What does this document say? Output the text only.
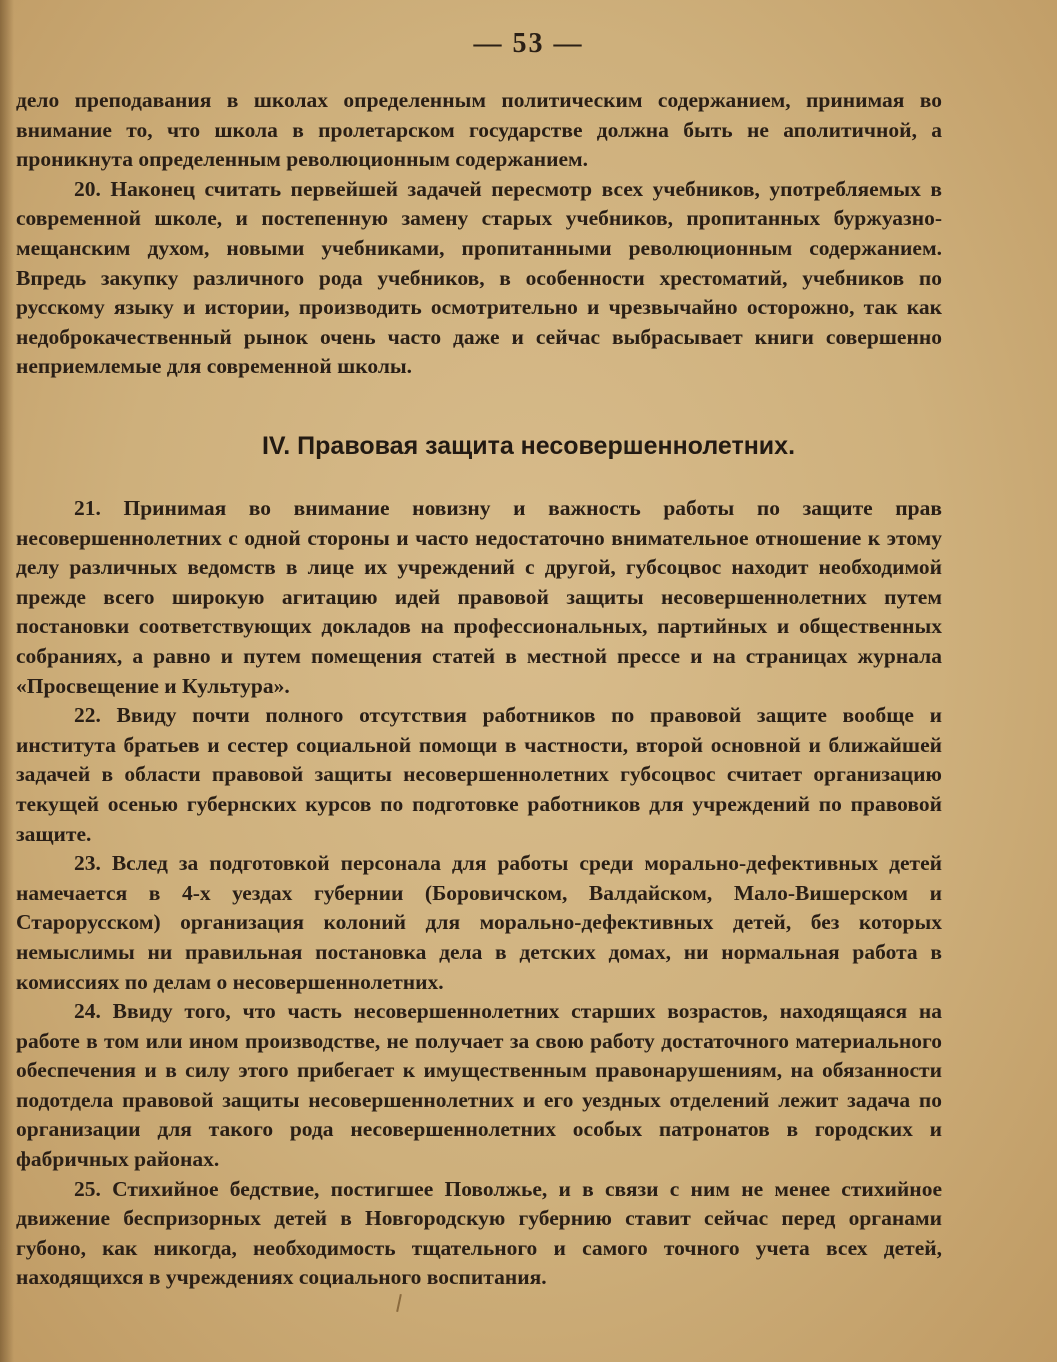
— 53 —

дело преподавания в школах определенным политическим содержанием, принимая во внимание то, что школа в пролетарском государстве должна быть не аполитичной, а проникнута определенным революционным содержанием.

20. Наконец считать первейшей задачей пересмотр всех учебников, употребляемых в современной школе, и постепенную замену старых учебников, пропитанных буржуазно-мещанским духом, новыми учебниками, пропитанными революционным содержанием. Впредь закупку различного рода учебников, в особенности хрестоматий, учебников по русскому языку и истории, производить осмотрительно и чрезвычайно осторожно, так как недоброкачественный рынок очень часто даже и сейчас выбрасывает книги совершенно неприемлемые для современной школы.

IV. Правовая защита несовершеннолетних.

21. Принимая во внимание новизну и важность работы по защите прав несовершеннолетних с одной стороны и часто недостаточно внимательное отношение к этому делу различных ведомств в лице их учреждений с другой, губсоцвос находит необходимой прежде всего широкую агитацию идей правовой защиты несовершеннолетних путем постановки соответствующих докладов на профессиональных, партийных и общественных собраниях, а равно и путем помещения статей в местной прессе и на страницах журнала «Просвещение и Культура».

22. Ввиду почти полного отсутствия работников по правовой защите вообще и института братьев и сестер социальной помощи в частности, второй основной и ближайшей задачей в области правовой защиты несовершеннолетних губсоцвос считает организацию текущей осенью губернских курсов по подготовке работников для учреждений по правовой защите.

23. Вслед за подготовкой персонала для работы среди морально-дефективных детей намечается в 4-х уездах губернии (Боровичском, Валдайском, Мало-Вишерском и Старорусском) организация колоний для морально-дефективных детей, без которых немыслимы ни правильная постановка дела в детских домах, ни нормальная работа в комиссиях по делам о несовершеннолетних.

24. Ввиду того, что часть несовершеннолетних старших возрастов, находящаяся на работе в том или ином производстве, не получает за свою работу достаточного материального обеспечения и в силу этого прибегает к имущественным правонарушениям, на обязанности подотдела правовой защиты несовершеннолетних и его уездных отделений лежит задача по организации для такого рода несовершеннолетних особых патронатов в городских и фабричных районах.

25. Стихийное бедствие, постигшее Поволжье, и в связи с ним не менее стихийное движение беспризорных детей в Новгородскую губернию ставит сейчас перед органами губоно, как никогда, необходимость тщательного и самого точного учета всех детей, находящихся в учреждениях социального воспитания.
